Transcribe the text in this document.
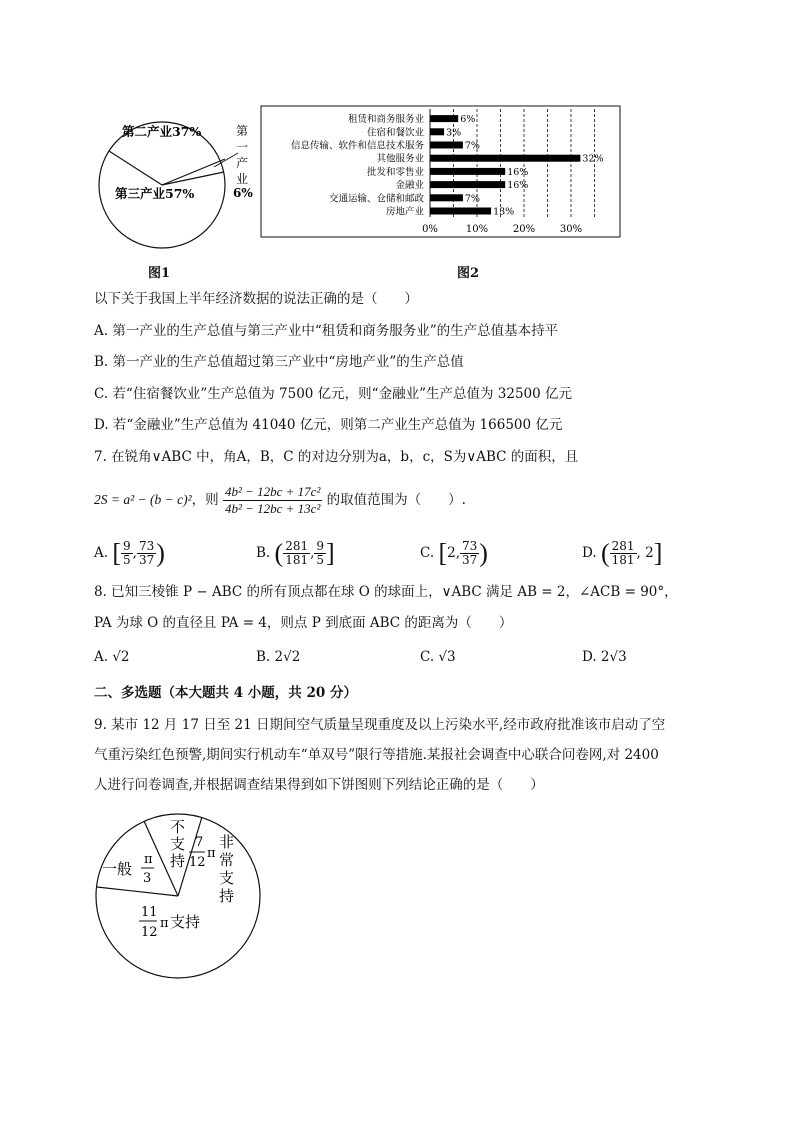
第二产业37%
第三产业57%
第
一
产
业
6%
图1
租赁和商务服务业
住宿和餐饮业
信息传输、软件和信息技术服务
其他服务业
批发和零售业
金融业
交通运输、仓储和邮政
房地产业
6%
3%
7%
32%
16%
16%
7%
13%
0%	10% 20% 30%
图2
以下关于我国上半年经济数据的说法正确的是（　　）
A. 第一产业的生产总值与第三产业中“租赁和商务服务业”的生产总值基本持平
B. 第一产业的生产总值超过第三产业中“房地产业”的生产总值
C. 若“住宿餐饮业”生产总值为 7500 亿元，则“金融业”生产总值为 32500 亿元
D. 若“金融业”生产总值为 41040 亿元，则第二产业生产总值为 166500 亿元
7. 在锐角∨ABC 中，角A，B，C 的对边分别为a，b，c，S为∨ABC 的面积，且
2S = a² − (b − c)²，则 $\frac{\text{4b² − 12bc + 17c²}}{\text{4b² − 12bc + 13c²}}$ 的取值范围为（　　）.
A. [ $\frac{9}{5}$ , $\frac{73}{37}$ )	B. ( $\frac{281}{181}$ , $\frac{9}{5}$ ]	C. [2, $\frac{73}{37}$ )	D. ( $\frac{281}{181}$ , 2]
8. 已知三棱锥 P − ABC 的所有顶点都在球 O 的球面上，∨ABC 满足 AB = 2，∠ACB = 90°，
PA 为球 O 的直径且 PA = 4，则点 P 到底面 ABC 的距离为（　　）
A. √2	B. 2√2	C. √3	D. 2√3
二、多选题（本大题共 4 小题，共 20 分）
9. 某市 12 月 17 日至 21 日期间空气质量呈现重度及以上污染水平,经市政府批准该市启动了空
气重污染红色预警,期间实行机动车“单双号”限行等措施.某报社会调查中心联合问卷网,对 2400
人进行问卷调查,并根据调查结果得到如下饼图则下列结论正确的是（　　）
不
支
持
7
12
π
非
常
支
持
一般
π
3
11
12
π 支持
